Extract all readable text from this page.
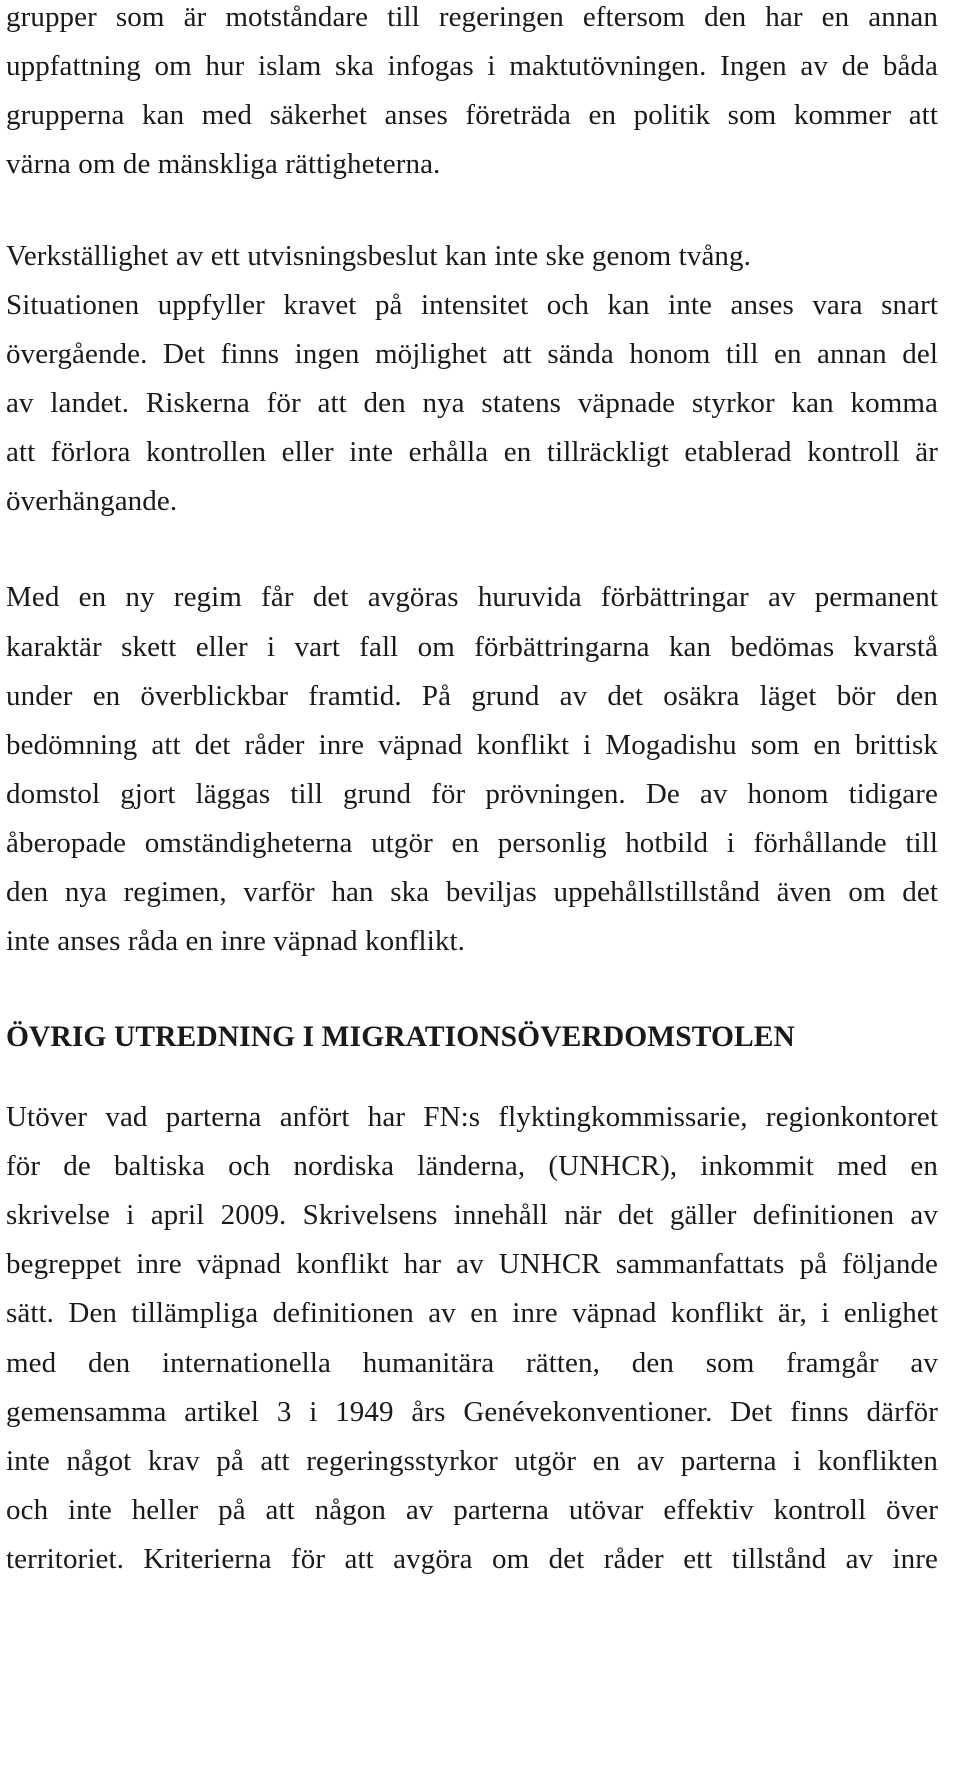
grupper som är motståndare till regeringen eftersom den har en annan
uppfattning om hur islam ska infogas i maktutövningen. Ingen av de båda
grupperna kan med säkerhet anses företräda en politik som kommer att
värna om de mänskliga rättigheterna.
Verkställighet av ett utvisningsbeslut kan inte ske genom tvång.
Situationen uppfyller kravet på intensitet och kan inte anses vara snart
övergående. Det finns ingen möjlighet att sända honom till en annan del
av landet. Riskerna för att den nya statens väpnade styrkor kan komma
att förlora kontrollen eller inte erhålla en tillräckligt etablerad kontroll är
överhängande.
Med en ny regim får det avgöras huruvida förbättringar av permanent
karaktär skett eller i vart fall om förbättringarna kan bedömas kvarstå
under en överblickbar framtid. På grund av det osäkra läget bör den
bedömning att det råder inre väpnad konflikt i Mogadishu som en brittisk
domstol gjort läggas till grund för prövningen. De av honom tidigare
åberopade omständigheterna utgör en personlig hotbild i förhållande till
den nya regimen, varför han ska beviljas uppehållstillstånd även om det
inte anses råda en inre väpnad konflikt.
ÖVRIG UTREDNING I MIGRATIONSÖVERDOMSTOLEN
Utöver vad parterna anfört har FN:s flyktingkommissarie, regionkontoret
för de baltiska och nordiska länderna, (UNHCR), inkommit med en
skrivelse i april 2009. Skrivelsens innehåll när det gäller definitionen av
begreppet inre väpnad konflikt har av UNHCR sammanfattats på följande
sätt. Den tillämpliga definitionen av en inre väpnad konflikt är, i enlighet
med den internationella humanitära rätten, den som framgår av
gemensamma artikel 3 i 1949 års Genévekonventioner. Det finns därför
inte något krav på att regeringsstyrkor utgör en av parterna i konflikten
och inte heller på att någon av parterna utövar effektiv kontroll över
territoriet. Kriterierna för att avgöra om det råder ett tillstånd av inre
